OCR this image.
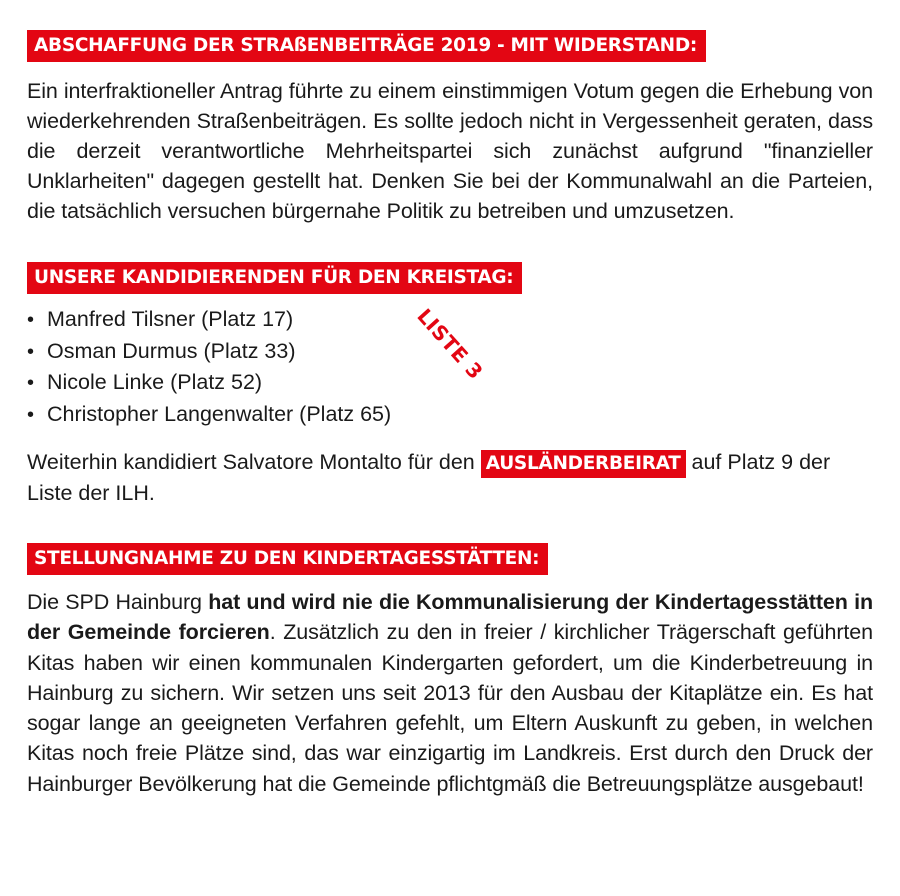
ABSCHAFFUNG DER STRAßENBEITRÄGE 2019 - MIT WIDERSTAND:

Ein interfraktioneller Antrag führte zu einem einstimmigen Votum gegen die Erhebung von wiederkehrenden Straßenbeiträgen. Es sollte jedoch nicht in Vergessenheit geraten, dass die derzeit verantwortliche Mehrheitspartei sich zunächst aufgrund "finanzieller Unklarheiten" dagegen gestellt hat. Denken Sie bei der Kommunalwahl an die Parteien, die tatsächlich versuchen bürgernahe Politik zu betreiben und umzusetzen.

UNSERE KANDIDIERENDEN FÜR DEN KREISTAG:
• Manfred Tilsner (Platz 17)
• Osman Durmus (Platz 33)
• Nicole Linke (Platz 52)
• Christopher Langenwalter (Platz 65)
LISTE 3

Weiterhin kandidiert Salvatore Montalto für den AUSLÄNDERBEIRAT auf Platz 9 der Liste der ILH.

STELLUNGNAHME ZU DEN KINDERTAGESSTÄTTEN:

Die SPD Hainburg hat und wird nie die Kommunalisierung der Kindertagesstätten in der Gemeinde forcieren. Zusätzlich zu den in freier / kirchlicher Trägerschaft geführten Kitas haben wir einen kommunalen Kindergarten gefordert, um die Kinderbetreuung in Hainburg zu sichern. Wir setzen uns seit 2013 für den Ausbau der Kitaplätze ein. Es hat sogar lange an geeigneten Verfahren gefehlt, um Eltern Auskunft zu geben, in welchen Kitas noch freie Plätze sind, das war einzigartig im Landkreis. Erst durch den Druck der Hainburger Bevölkerung hat die Gemeinde pflichtgmäß die Betreuungsplätze ausgebaut!
